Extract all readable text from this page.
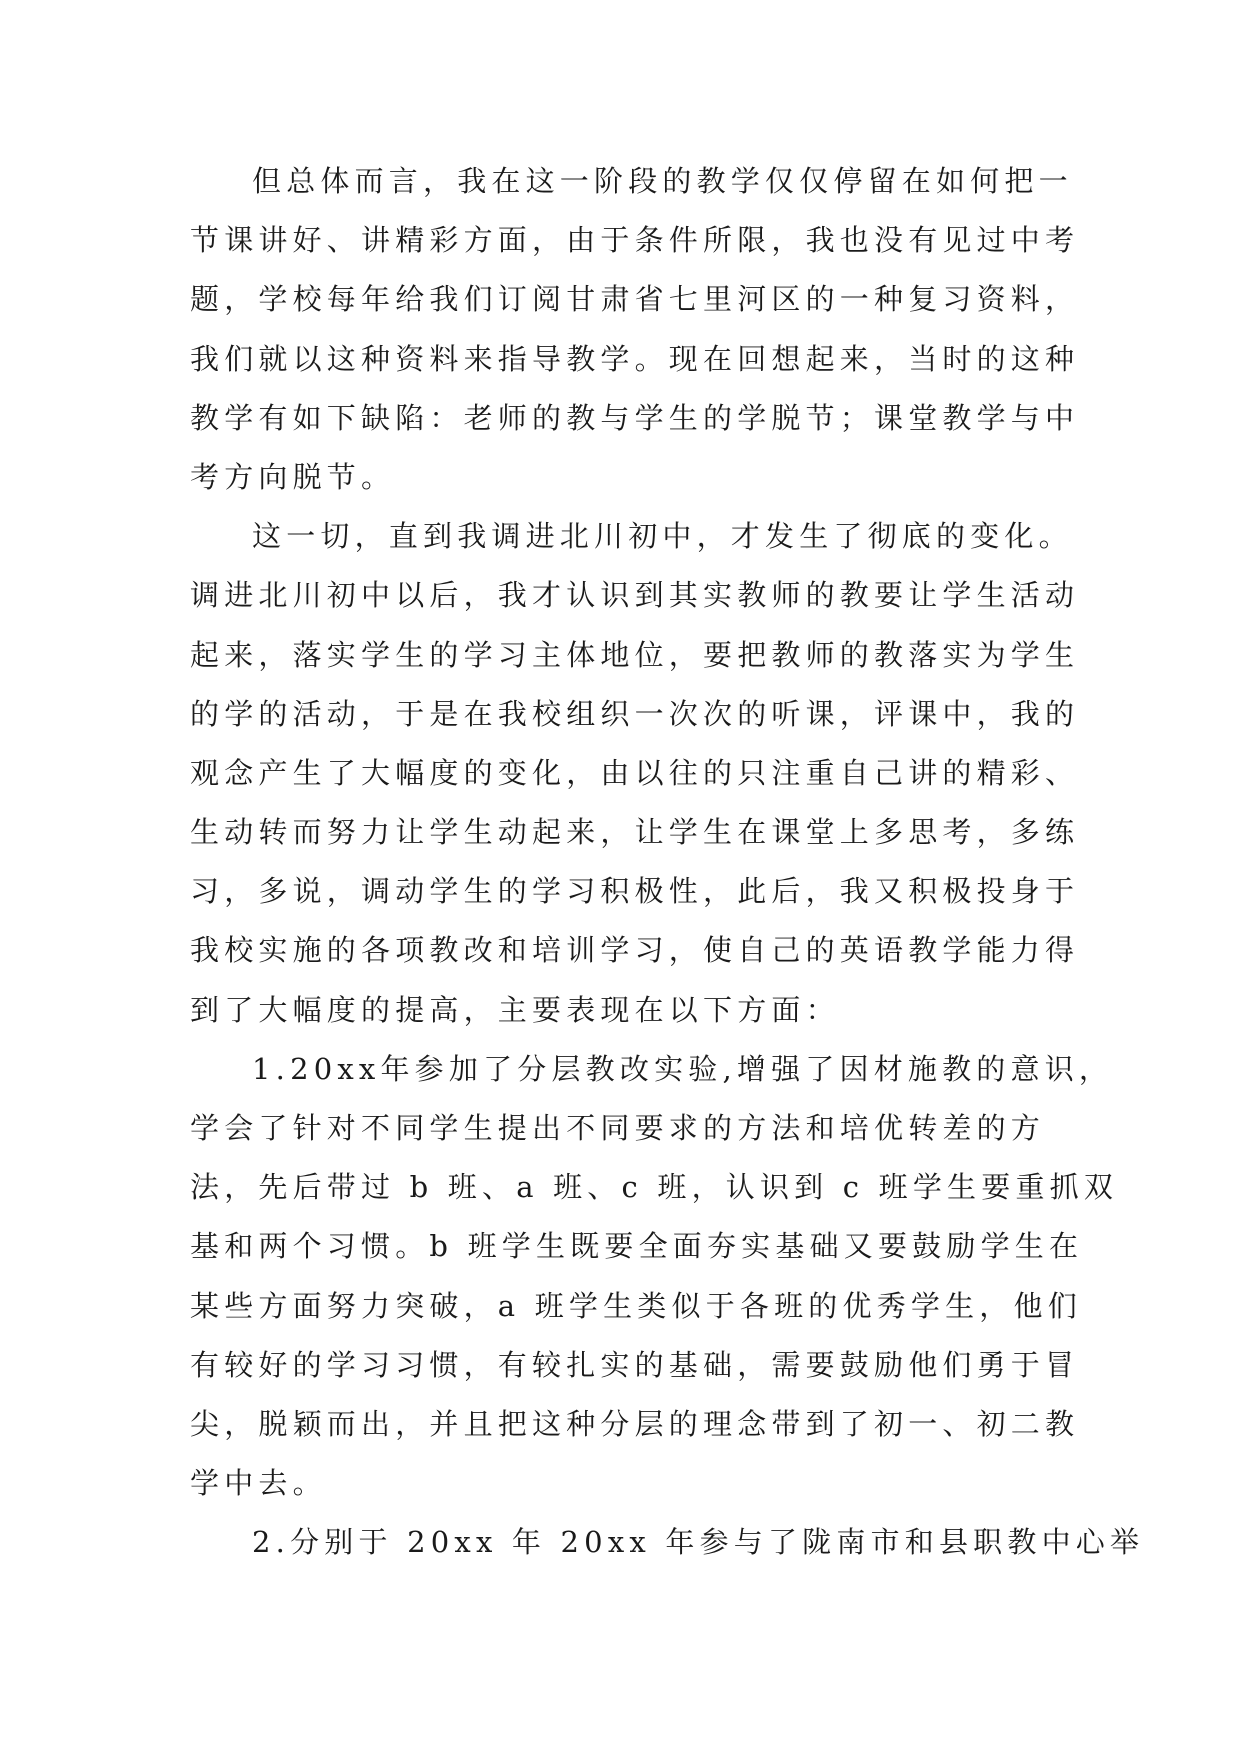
但总体而言，我在这一阶段的教学仅仅停留在如何把一
节课讲好、讲精彩方面，由于条件所限，我也没有见过中考
题，学校每年给我们订阅甘肃省七里河区的一种复习资料，
我们就以这种资料来指导教学。现在回想起来，当时的这种
教学有如下缺陷：老师的教与学生的学脱节；课堂教学与中
考方向脱节。
这一切，直到我调进北川初中，才发生了彻底的变化。
调进北川初中以后，我才认识到其实教师的教要让学生活动
起来，落实学生的学习主体地位，要把教师的教落实为学生
的学的活动，于是在我校组织一次次的听课，评课中，我的
观念产生了大幅度的变化，由以往的只注重自己讲的精彩、
生动转而努力让学生动起来，让学生在课堂上多思考，多练
习，多说，调动学生的学习积极性，此后，我又积极投身于
我校实施的各项教改和培训学习，使自己的英语教学能力得
到了大幅度的提高，主要表现在以下方面：
1.20xx年参加了分层教改实验,增强了因材施教的意识，
学会了针对不同学生提出不同要求的方法和培优转差的方
法，先后带过 b 班、a 班、c 班，认识到 c 班学生要重抓双
基和两个习惯。b 班学生既要全面夯实基础又要鼓励学生在
某些方面努力突破，a 班学生类似于各班的优秀学生，他们
有较好的学习习惯，有较扎实的基础，需要鼓励他们勇于冒
尖，脱颖而出，并且把这种分层的理念带到了初一、初二教
学中去。
2.分别于 20xx 年 20xx 年参与了陇南市和县职教中心举
